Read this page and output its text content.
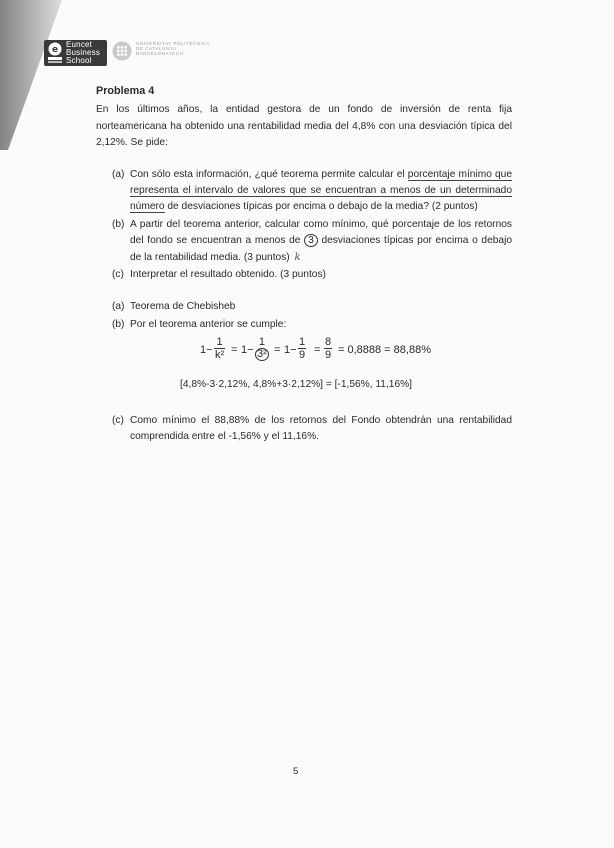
e
Euncet
Business
School
UNIVERSITAT POLITÈCNICA
DE CATALUNYA
BARCELONATECH

Problema 4

En los últimos años, la entidad gestora de un fondo de inversión de renta fija norteamericana ha obtenido una rentabilidad media del 4,8% con una desviación típica del 2,12%. Se pide:

(a) Con sólo esta información, ¿qué teorema permite calcular el porcentaje mínimo que representa el intervalo de valores que se encuentran a menos de un determinado número de desviaciones típicas por encima o debajo de la media? (2 puntos)
(b) A partir del teorema anterior, calcular como mínimo, qué porcentaje de los retornos del fondo se encuentran a menos de 3 desviaciones típicas por encima o debajo de la rentabilidad media. (3 puntos) k
(c) Interpretar el resultado obtenido. (3 puntos)
(a) Teorema de Chebisheb
(b) Por el teorema anterior se cumple:
$1- \frac{1}{\text{k²}} = 1- \frac{1}{\text{3²}} = 1- \frac{1}{9} = \frac{8}{9} = 0,8888 = 88,88\%$
[4,8%-3·2,12%, 4,8%+3·2,12%] = [-1,56%, 11,16%]
(c) Como mínimo el 88,88% de los retornos del Fondo obtendrán una rentabilidad comprendida entre el -1,56% y el 11,16%.
5
